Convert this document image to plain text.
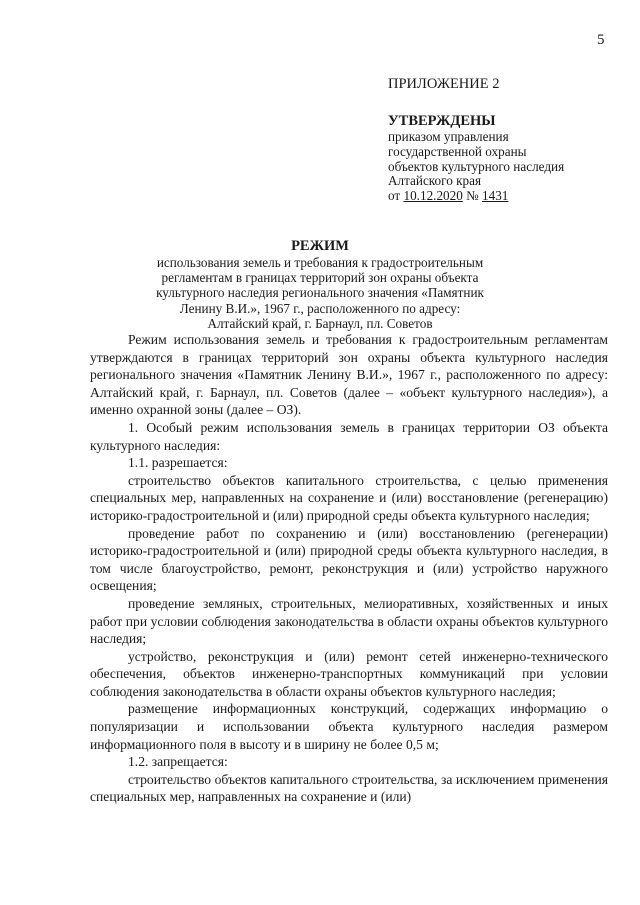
5
ПРИЛОЖЕНИЕ 2
УТВЕРЖДЕНЫ
приказом управления
государственной охраны
объектов культурного наследия
Алтайского края
от 10.12.2020 № 1431
РЕЖИМ
использования земель и требования к градостроительным
регламентам в границах территорий зон охраны объекта
культурного наследия регионального значения «Памятник
Ленину В.И.», 1967 г., расположенного по адресу:
Алтайский край, г. Барнаул, пл. Советов

Режим использования земель и требования к градостроительным регламентам утверждаются в границах территорий зон охраны объекта культурного наследия регионального значения «Памятник Ленину В.И.», 1967 г., расположенного по адресу: Алтайский край, г. Барнаул, пл. Советов (далее – «объект культурного наследия»), а именно охранной зоны (далее – ОЗ).

1. Особый режим использования земель в границах территории ОЗ объекта культурного наследия:

1.1. разрешается:

строительство объектов капитального строительства, с целью применения специальных мер, направленных на сохранение и (или) восстановление (регенерацию) историко-градостроительной и (или) природной среды объекта культурного наследия;

проведение работ по сохранению и (или) восстановлению (регенерации) историко-градостроительной и (или) природной среды объекта культурного наследия, в том числе благоустройство, ремонт, реконструкция и (или) устройство наружного освещения;

проведение земляных, строительных, мелиоративных, хозяйственных и иных работ при условии соблюдения законодательства в области охраны объектов культурного наследия;

устройство, реконструкция и (или) ремонт сетей инженерно-технического обеспечения, объектов инженерно-транспортных коммуникаций при условии соблюдения законодательства в области охраны объектов культурного наследия;

размещение информационных конструкций, содержащих информацию о популяризации и использовании объекта культурного наследия размером информационного поля в высоту и в ширину не более 0,5 м;

1.2. запрещается:

строительство объектов капитального строительства, за исключением применения специальных мер, направленных на сохранение и (или)
